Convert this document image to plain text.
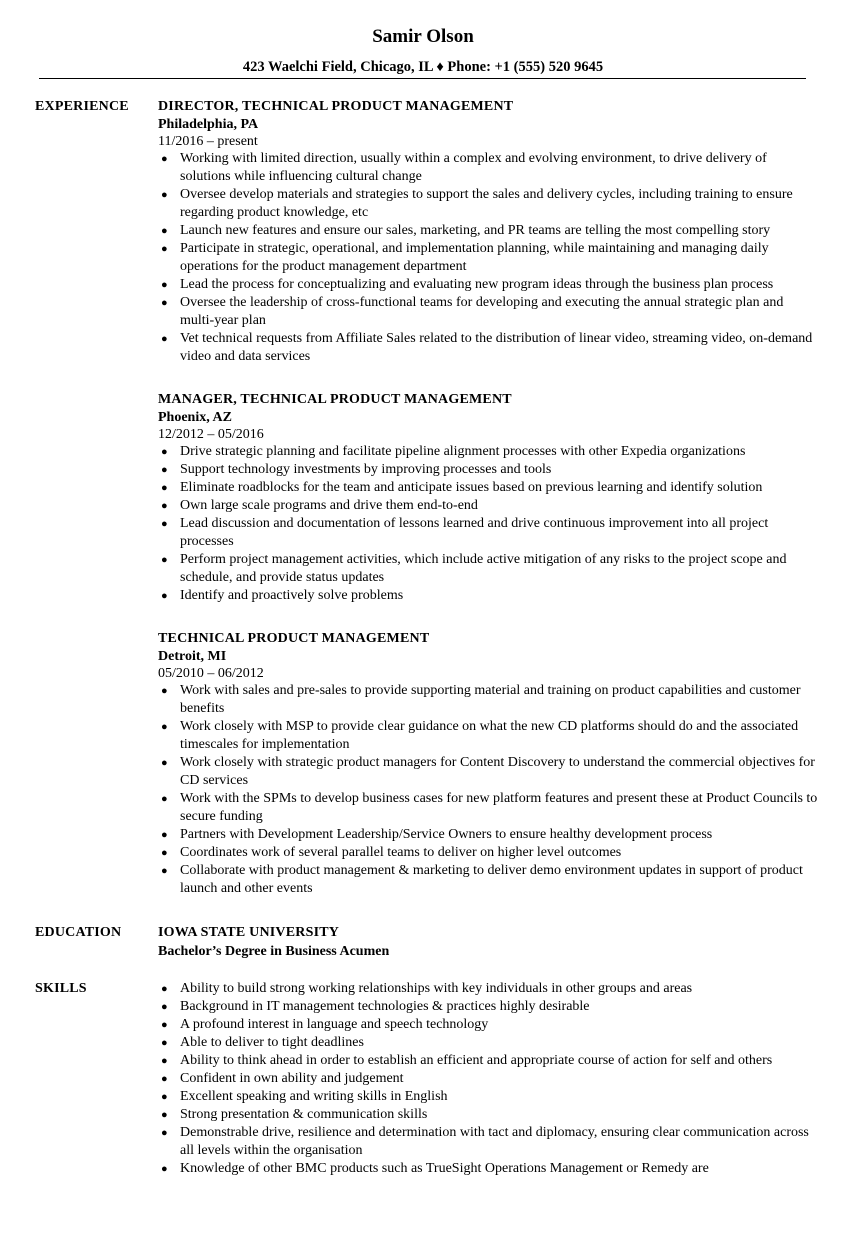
Samir Olson
423 Waelchi Field, Chicago, IL ♦ Phone: +1 (555) 520 9645
EXPERIENCE DIRECTOR, TECHNICAL PRODUCT MANAGEMENT
Philadelphia, PA
11/2016 – present
● Working with limited direction, usually within a complex and evolving environment, to drive delivery of solutions while influencing cultural change
● Oversee develop materials and strategies to support the sales and delivery cycles, including training to ensure regarding product knowledge, etc
● Launch new features and ensure our sales, marketing, and PR teams are telling the most compelling story
● Participate in strategic, operational, and implementation planning, while maintaining and managing daily operations for the product management department
● Lead the process for conceptualizing and evaluating new program ideas through the business plan process
● Oversee the leadership of cross-functional teams for developing and executing the annual strategic plan and multi-year plan
● Vet technical requests from Affiliate Sales related to the distribution of linear video, streaming video, on-demand video and data services
MANAGER, TECHNICAL PRODUCT MANAGEMENT
Phoenix, AZ
12/2012 – 05/2016
● Drive strategic planning and facilitate pipeline alignment processes with other Expedia organizations
● Support technology investments by improving processes and tools
● Eliminate roadblocks for the team and anticipate issues based on previous learning and identify solution
● Own large scale programs and drive them end-to-end
● Lead discussion and documentation of lessons learned and drive continuous improvement into all project processes
● Perform project management activities, which include active mitigation of any risks to the project scope and schedule, and provide status updates
● Identify and proactively solve problems
TECHNICAL PRODUCT MANAGEMENT
Detroit, MI
05/2010 – 06/2012
● Work with sales and pre-sales to provide supporting material and training on product capabilities and customer benefits
● Work closely with MSP to provide clear guidance on what the new CD platforms should do and the associated timescales for implementation
● Work closely with strategic product managers for Content Discovery to understand the commercial objectives for CD services
● Work with the SPMs to develop business cases for new platform features and present these at Product Councils to secure funding
● Partners with Development Leadership/Service Owners to ensure healthy development process
● Coordinates work of several parallel teams to deliver on higher level outcomes
● Collaborate with product management & marketing to deliver demo environment updates in support of product launch and other events
EDUCATION	IOWA STATE UNIVERSITY
Bachelor’s Degree in Business Acumen
SKILLS	● Ability to build strong working relationships with key individuals in other groups and areas
● Background in IT management technologies & practices highly desirable
● A profound interest in language and speech technology
● Able to deliver to tight deadlines
● Ability to think ahead in order to establish an efficient and appropriate course of action for self and others
● Confident in own ability and judgement
● Excellent speaking and writing skills in English
● Strong presentation & communication skills
● Demonstrable drive, resilience and determination with tact and diplomacy, ensuring clear communication across all levels within the organisation
● Knowledge of other BMC products such as TrueSight Operations Management or Remedy are
